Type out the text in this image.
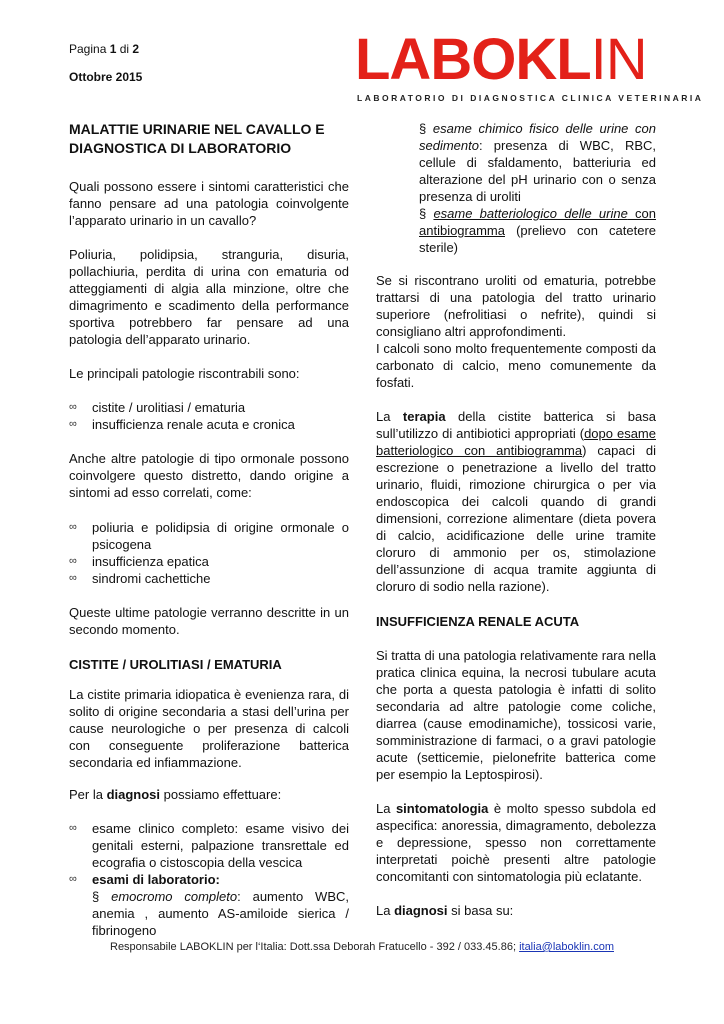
Pagina 1 di 2
Ottobre 2015	LABOKLIN
LABORATORIO DI DIAGNOSTICA CLINICA VETERINARIA

MALATTIE URINARIE NEL CAVALLO E DIAGNOSTICA DI LABORATORIO

Quali possono essere i sintomi caratteristici che fanno pensare ad una patologia coinvolgente l’apparato urinario in un cavallo?

Poliuria, polidipsia, stranguria, disuria, pollachiuria, perdita di urina con ematuria od atteggiamenti di algia alla minzione, oltre che dimagrimento e scadimento della performance sportiva potrebbero far pensare ad una patologia dell’apparato urinario.

Le principali patologie riscontrabili sono:

∞ cistite / urolitiasi / ematuria
∞ insufficienza renale acuta e cronica

Anche altre patologie di tipo ormonale possono coinvolgere questo distretto, dando origine a sintomi ad esso correlati, come:

∞ poliuria e polidipsia di origine ormonale o psicogena
∞ insufficienza epatica
∞ sindromi cachettiche

Queste ultime patologie verranno descritte in un secondo momento.

CISTITE / UROLITIASI / EMATURIA

La cistite primaria idiopatica è evenienza rara, di solito di origine secondaria a stasi dell’urina per cause neurologiche o per presenza di calcoli con conseguente proliferazione batterica secondaria ed infiammazione.

Per la diagnosi possiamo effettuare:

∞ esame clinico completo: esame visivo dei genitali esterni, palpazione transrettale ed ecografia o cistoscopia della vescica
∞ esami di laboratorio:
§ emocromo completo: aumento WBC, anemia , aumento AS-amiloide sierica / fibrinogeno

§ esame chimico fisico delle urine con sedimento: presenza di WBC, RBC, cellule di sfaldamento, batteriuria ed alterazione del pH urinario con o senza presenza di uroliti

§ esame batteriologico delle urine con antibiogramma (prelievo con catetere sterile)

Se si riscontrano uroliti od ematuria, potrebbe trattarsi di una patologia del tratto urinario superiore (nefrolitiasi o nefrite), quindi si consigliano altri approfondimenti.

I calcoli sono molto frequentemente composti da carbonato di calcio, meno comunemente da fosfati.

La terapia della cistite batterica si basa sull’utilizzo di antibiotici appropriati (dopo esame batteriologico con antibiogramma) capaci di escrezione o penetrazione a livello del tratto urinario, fluidi, rimozione chirurgica o per via endoscopica dei calcoli quando di grandi dimensioni, correzione alimentare (dieta povera di calcio, acidificazione delle urine tramite cloruro di ammonio per os, stimolazione dell’assunzione di acqua tramite aggiunta di cloruro di sodio nella razione).

INSUFFICIENZA RENALE ACUTA

Si tratta di una patologia relativamente rara nella pratica clinica equina, la necrosi tubulare acuta che porta a questa patologia è infatti di solito secondaria ad altre patologie come coliche, diarrea (cause emodinamiche), tossicosi varie, somministrazione di farmaci, o a gravi patologie acute (setticemie, pielonefrite batterica come per esempio la Leptospirosi).

La sintomatologia è molto spesso subdola ed aspecifica: anoressia, dimagramento, debolezza e depressione, spesso non correttamente interpretati poichè presenti altre patologie concomitanti con sintomatologia più eclatante.

La diagnosi si basa su:

Responsabile LABOKLIN per l‘Italia: Dott.ssa Deborah Fratucello - 392 / 033.45.86; italia@laboklin.com
